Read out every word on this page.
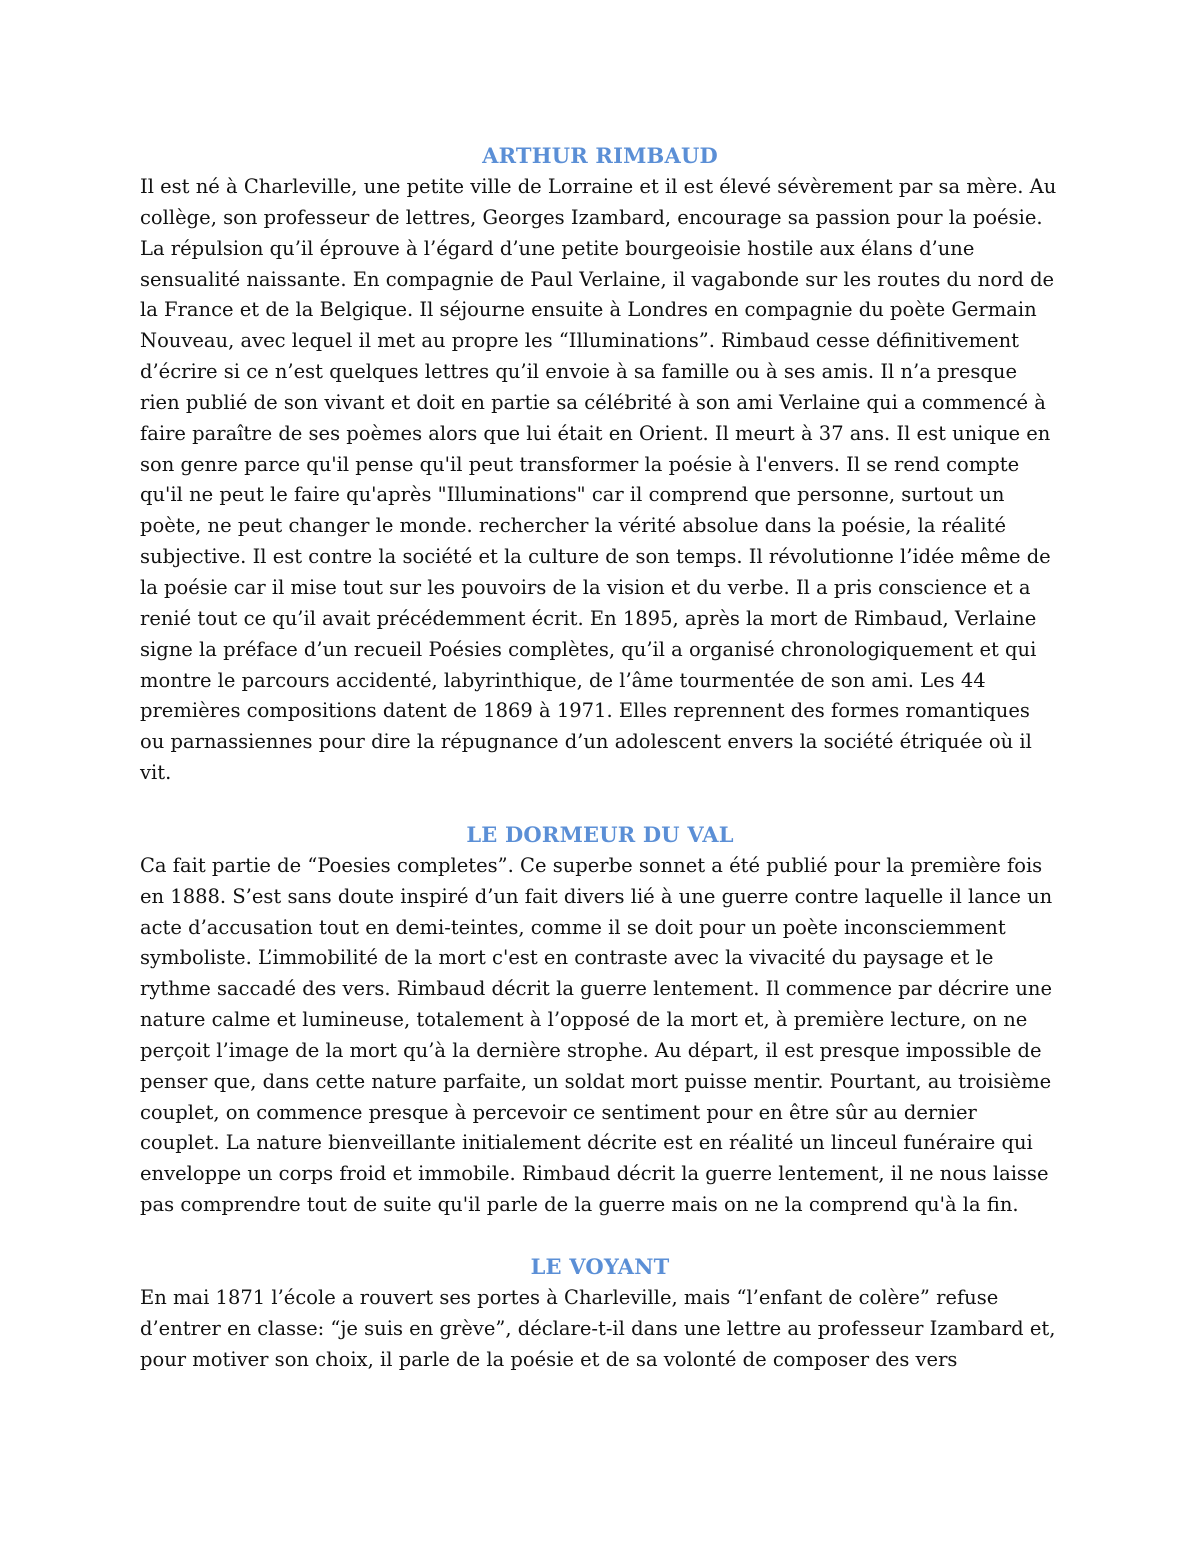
ARTHUR RIMBAUD

Il est né à Charleville, une petite ville de Lorraine et il est élevé sévèrement par sa mère. Au collège, son professeur de lettres, Georges Izambard, encourage sa passion pour la poésie. La répulsion qu’il éprouve à l’égard d’une petite bourgeoisie hostile aux élans d’une sensualité naissante. En compagnie de Paul Verlaine, il vagabonde sur les routes du nord de la France et de la Belgique. Il séjourne ensuite à Londres en compagnie du poète Germain Nouveau, avec lequel il met au propre les “Illuminations”. Rimbaud cesse définitivement d’écrire si ce n’est quelques lettres qu’il envoie à sa famille ou à ses amis. Il n’a presque rien publié de son vivant et doit en partie sa célébrité à son ami Verlaine qui a commencé à faire paraître de ses poèmes alors que lui était en Orient. Il meurt à 37 ans. Il est unique en son genre parce qu'il pense qu'il peut transformer la poésie à l'envers. Il se rend compte qu'il ne peut le faire qu'après "Illuminations" car il comprend que personne, surtout un poète, ne peut changer le monde. rechercher la vérité absolue dans la poésie, la réalité subjective. Il est contre la société et la culture de son temps. Il révolutionne l’idée même de la poésie car il mise tout sur les pouvoirs de la vision et du verbe. Il a pris conscience et a renié tout ce qu’il avait précédemment écrit. En 1895, après la mort de Rimbaud, Verlaine signe la préface d’un recueil Poésies complètes, qu’il a organisé chronologiquement et qui montre le parcours accidenté, labyrinthique, de l’âme tourmentée de son ami. Les 44 premières compositions datent de 1869 à 1971. Elles reprennent des formes romantiques ou parnassiennes pour dire la répugnance d’un adolescent envers la société étriquée où il vit.

LE DORMEUR DU VAL

Ca fait partie de “Poesies completes”. Ce superbe sonnet a été publié pour la première fois en 1888. S’est sans doute inspiré d’un fait divers lié à une guerre contre laquelle il lance un acte d’accusation tout en demi-teintes, comme il se doit pour un poète inconsciemment symboliste. L’immobilité de la mort c'est en contraste avec la vivacité du paysage et le rythme saccadé des vers. Rimbaud décrit la guerre lentement. Il commence par décrire une nature calme et lumineuse, totalement à l’opposé de la mort et, à première lecture, on ne perçoit l’image de la mort qu’à la dernière strophe. Au départ, il est presque impossible de penser que, dans cette nature parfaite, un soldat mort puisse mentir. Pourtant, au troisième couplet, on commence presque à percevoir ce sentiment pour en être sûr au dernier couplet. La nature bienveillante initialement décrite est en réalité un linceul funéraire qui enveloppe un corps froid et immobile. Rimbaud décrit la guerre lentement, il ne nous laisse pas comprendre tout de suite qu'il parle de la guerre mais on ne la comprend qu'à la fin.

LE VOYANT

En mai 1871 l’école a rouvert ses portes à Charleville, mais “l’enfant de colère” refuse d’entrer en classe: “je suis en grève”, déclare-t-il dans une lettre au professeur Izambard et, pour motiver son choix, il parle de la poésie et de sa volonté de composer des vers
